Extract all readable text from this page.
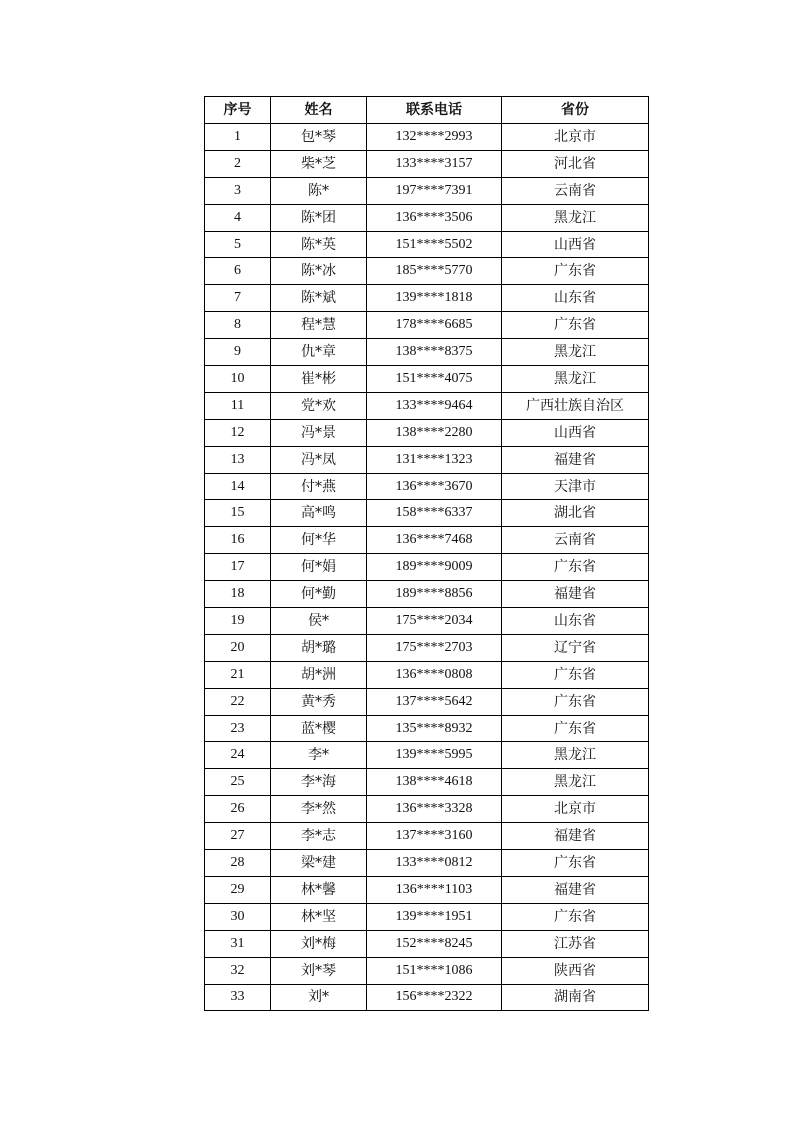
序号	姓名	联系电话	省份
1	包*琴	132****2993	北京市
2	柴*芝	133****3157	河北省
3	陈*	197****7391	云南省
4	陈*团	136****3506	黑龙江
5	陈*英	151****5502	山西省
6	陈*冰	185****5770	广东省
7	陈*斌	139****1818	山东省
8	程*慧	178****6685	广东省
9	仇*章	138****8375	黑龙江
10	崔*彬	151****4075	黑龙江
11	党*欢	133****9464	广西壮族自治区
12	冯*景	138****2280	山西省
13	冯*凤	131****1323	福建省
14	付*燕	136****3670	天津市
15	高*鸣	158****6337	湖北省
16	何*华	136****7468	云南省
17	何*娟	189****9009	广东省
18	何*勤	189****8856	福建省
19	侯*	175****2034	山东省
20	胡*璐	175****2703	辽宁省
21	胡*洲	136****0808	广东省
22	黄*秀	137****5642	广东省
23	蓝*樱	135****8932	广东省
24	李*	139****5995	黑龙江
25	李*海	138****4618	黑龙江
26	李*然	136****3328	北京市
27	李*志	137****3160	福建省
28	梁*建	133****0812	广东省
29	林*馨	136****1103	福建省
30	林*坚	139****1951	广东省
31	刘*梅	152****8245	江苏省
32	刘*琴	151****1086	陕西省
33	刘*	156****2322	湖南省
